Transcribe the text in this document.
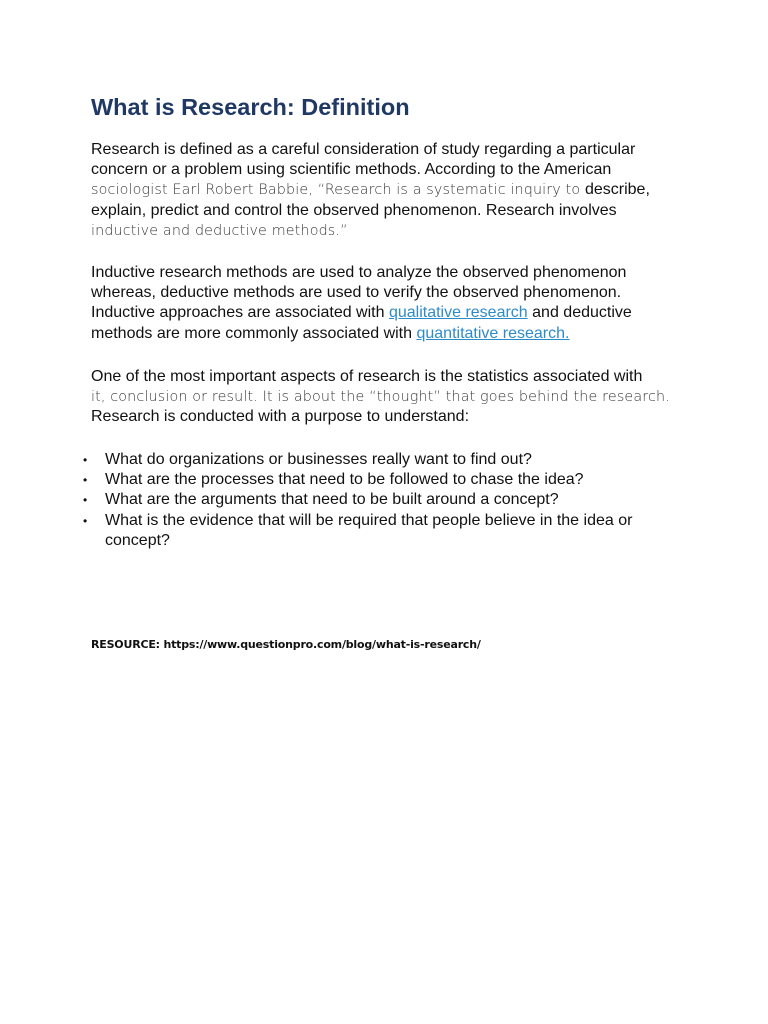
What is Research: Definition

Research is defined as a careful consideration of study regarding a particular
concern or a problem using scientific methods. According to the American
sociologist Earl Robert Babbie, “Research is a systematic inquiry to describe,
explain, predict and control the observed phenomenon. Research involves
inductive and deductive methods.”

Inductive research methods are used to analyze the observed phenomenon
whereas, deductive methods are used to verify the observed phenomenon.
Inductive approaches are associated with qualitative research and deductive
methods are more commonly associated with quantitative research.

One of the most important aspects of research is the statistics associated with
it, conclusion or result. It is about the “thought” that goes behind the research.
Research is conducted with a purpose to understand:

• What do organizations or businesses really want to find out?
• What are the processes that need to be followed to chase the idea?
• What are the arguments that need to be built around a concept?
• What is the evidence that will be required that people believe in the idea or
concept?

RESOURCE: https://www.questionpro.com/blog/what-is-research/
